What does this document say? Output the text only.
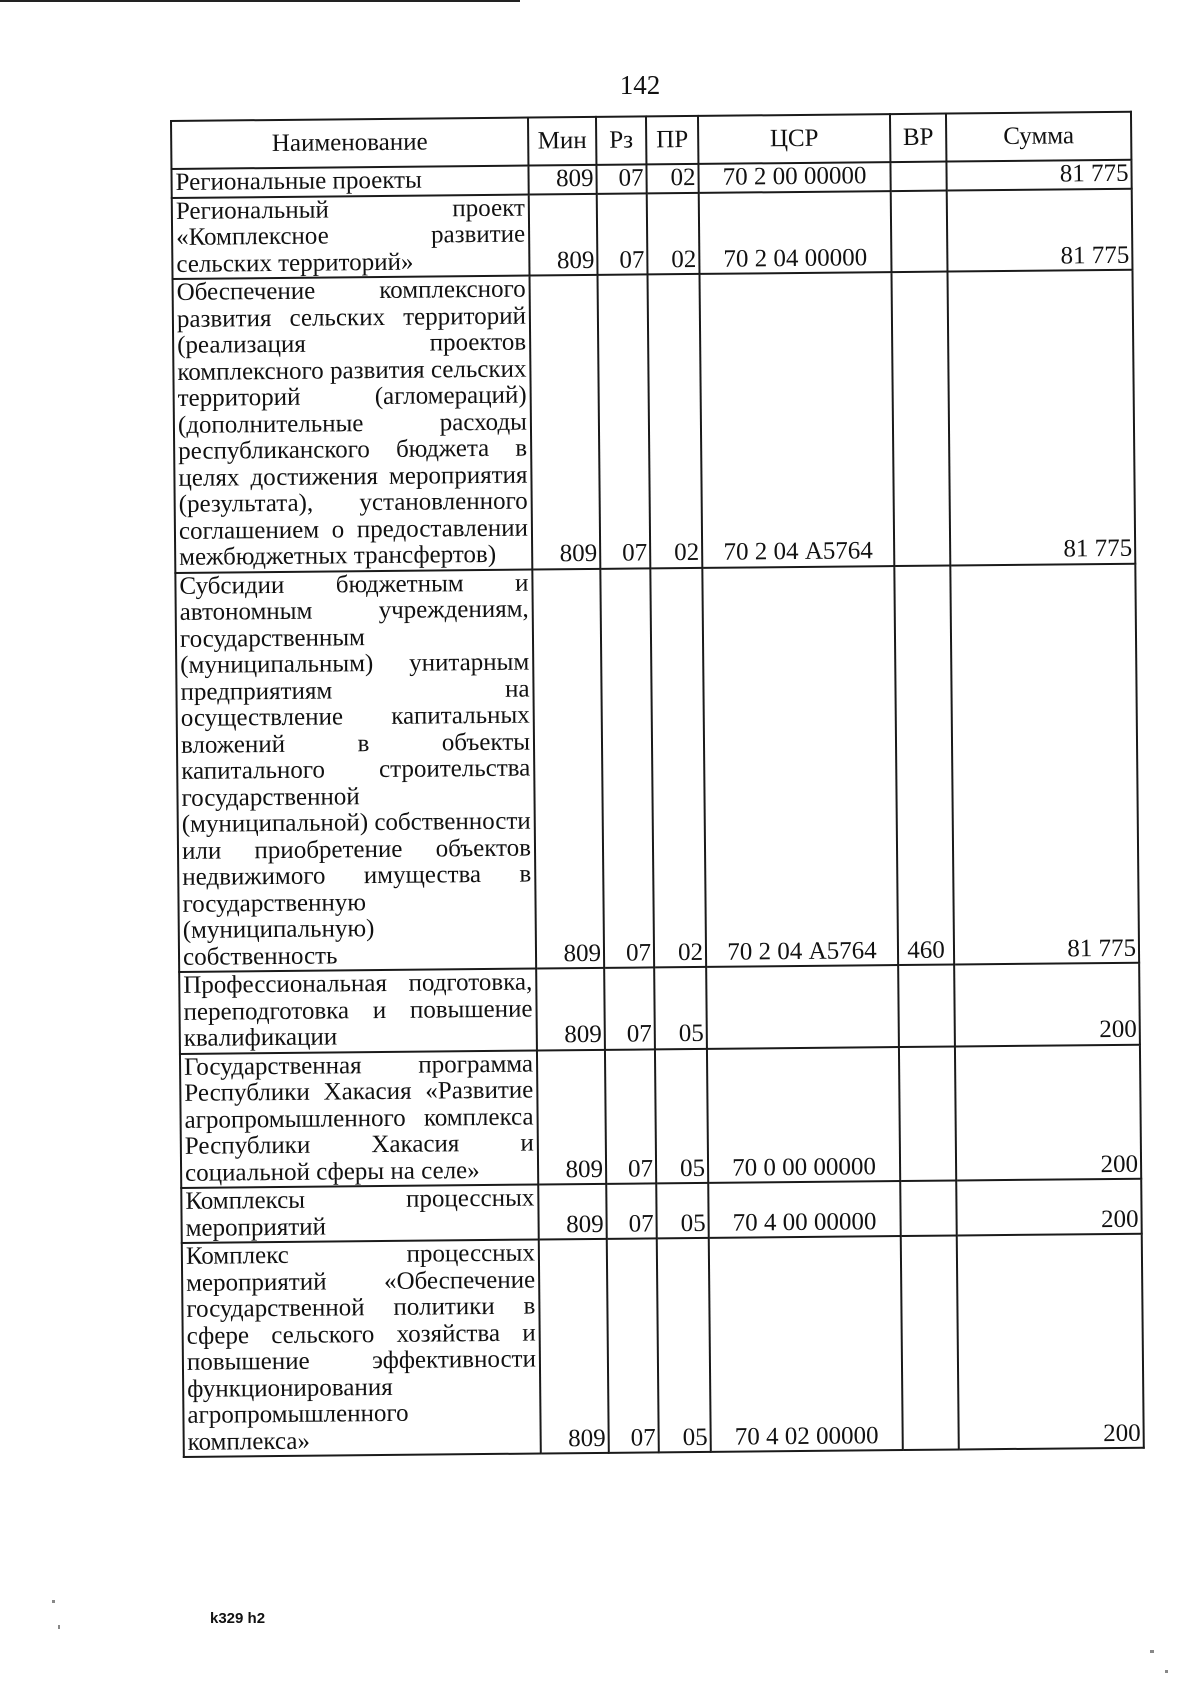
142
Наименование	Мин	Рз	ПР	ЦСР	ВР	Сумма
Региональные проекты	809	07	02	70 2 00 00000		81 775
Региональный проект «Комплексное развитие сельских территорий»	809	07	02	70 2 04 00000		81 775
Обеспечение комплексного развития сельских территорий (реализация проектов комплексного развития сельских территорий (агломераций) (дополнительные расходы республиканского бюджета в целях достижения мероприятия (результата), установленного соглашением о предоставлении межбюджетных трансфертов)	809	07	02	70 2 04 А5764		81 775
Субсидии бюджетным и автономным учреждениям, государственным (муниципальным) унитарным предприятиям на осуществление капитальных вложений в объекты капитального строительства государственной (муниципальной) собственности или приобретение объектов недвижимого имущества в государственную (муниципальную) собственность	809	07	02	70 2 04 А5764	460	81 775
Профессиональная подготовка, переподготовка и повышение квалификации	809	07	05			200
Государственная программа Республики Хакасия «Развитие агропромышленного комплекса Республики Хакасия и социальной сферы на селе»	809	07	05	70 0 00 00000		200
Комплексы процессных мероприятий	809	07	05	70 4 00 00000		200
Комплекс процессных мероприятий «Обеспечение государственной политики в сфере сельского хозяйства и повышение эффективности функционирования агропромышленного комплекса»	809	07	05	70 4 02 00000		200
k329 h2
